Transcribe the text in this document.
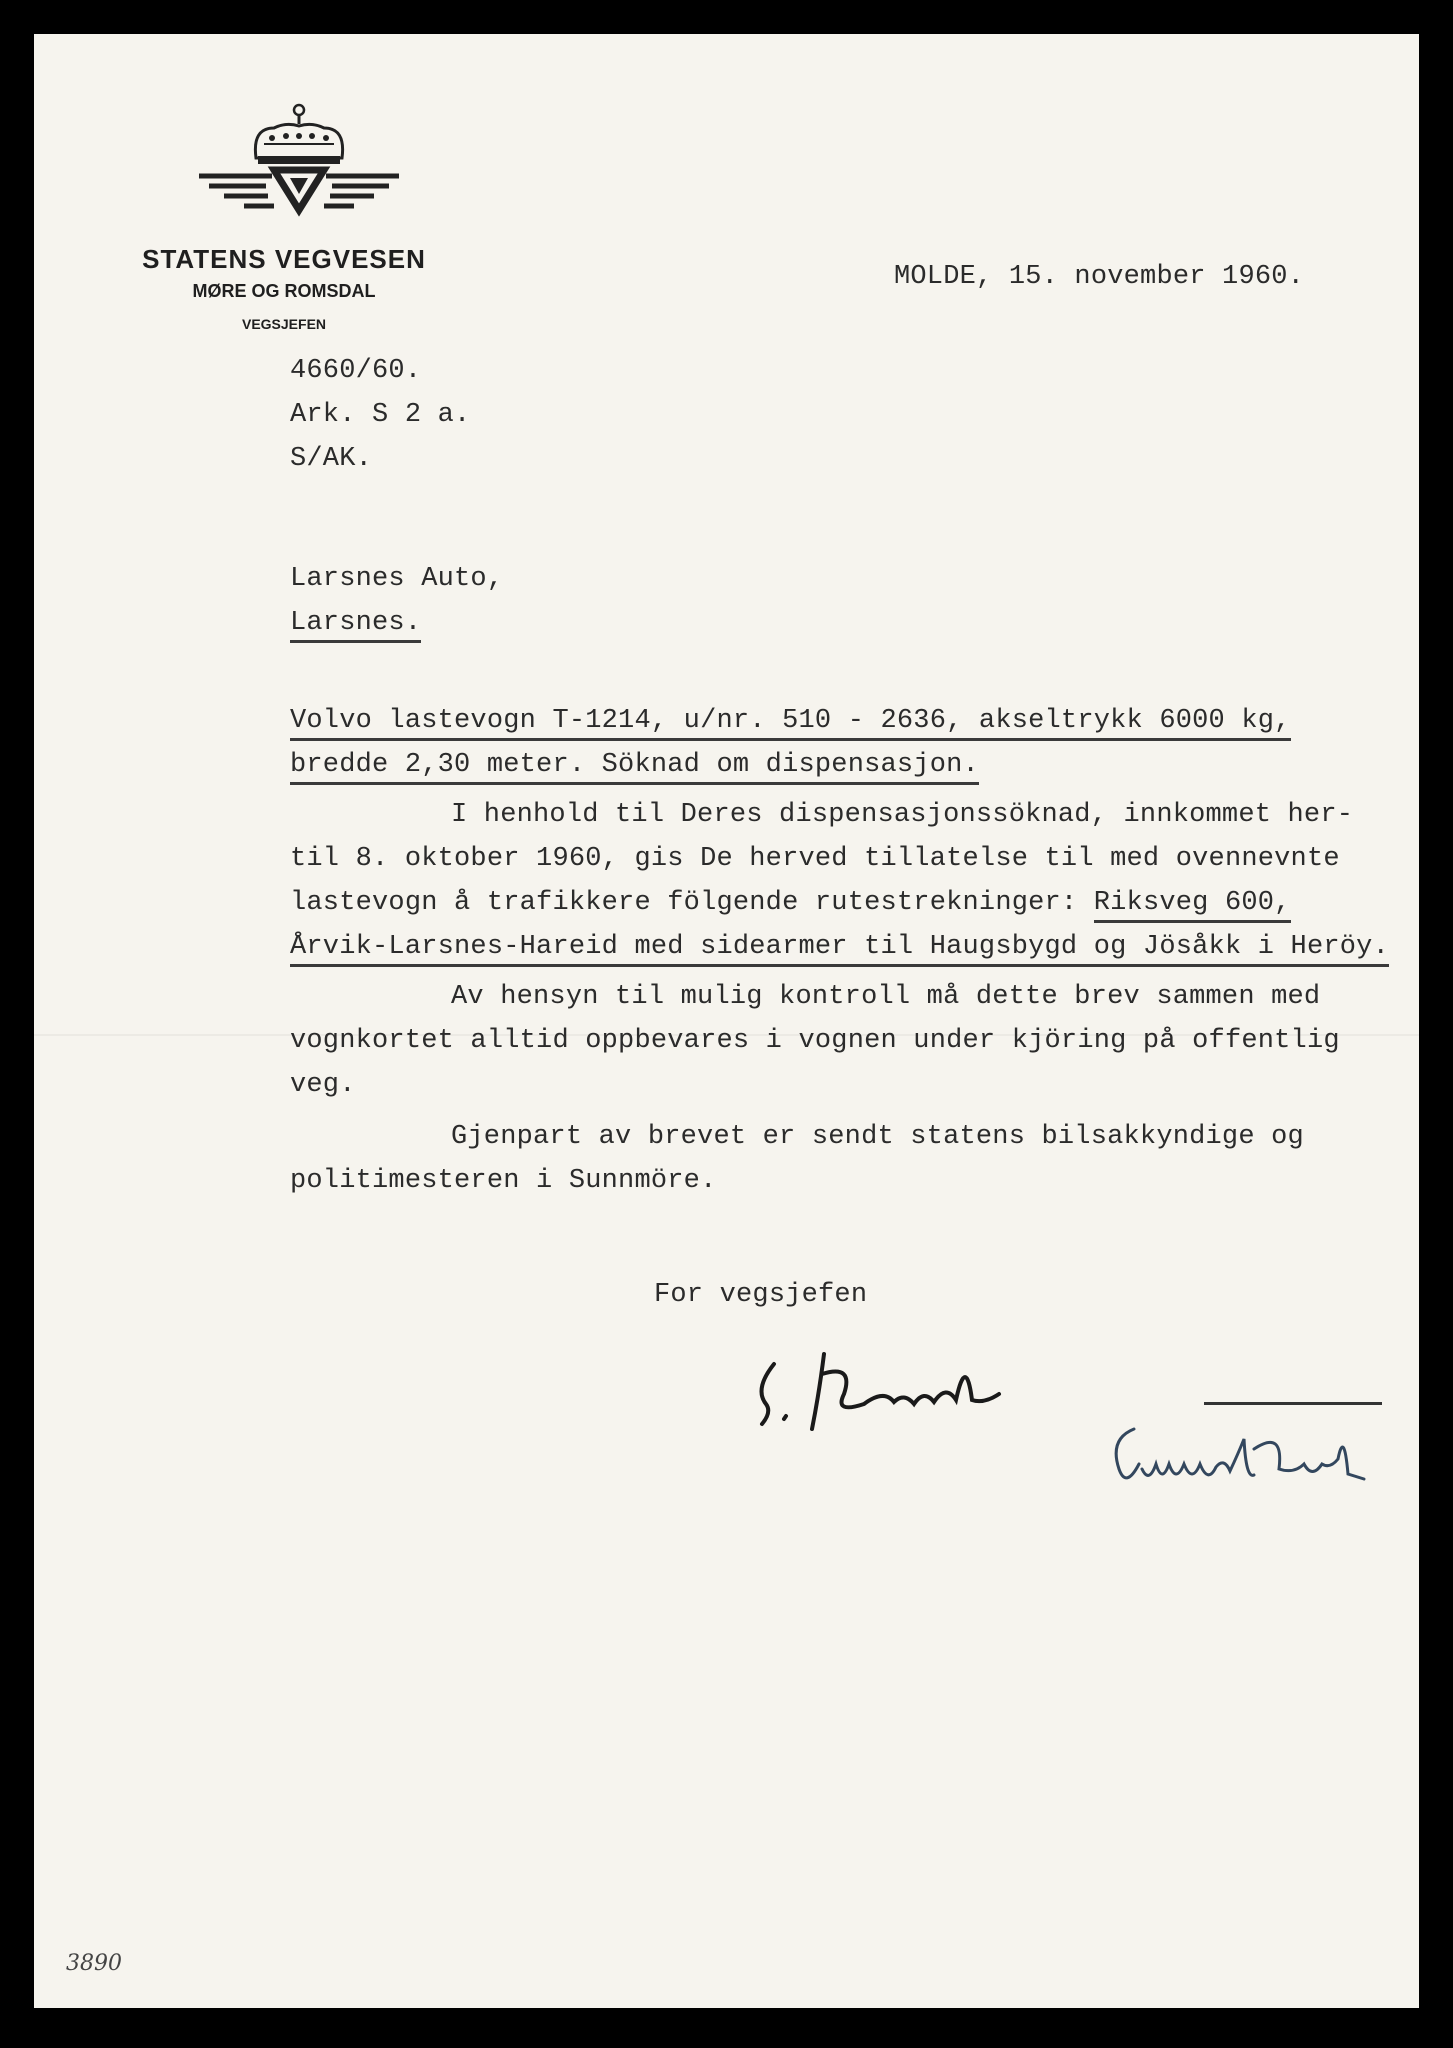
STATENS VEGVESEN
MØRE OG ROMSDAL
VEGSJEFEN
MOLDE, 15. november 1960.
4660/60.
Ark. S 2 a.
S/AK.
Larsnes Auto,
Larsnes.
Volvo lastevogn T-1214, u/nr. 510 - 2636, akseltrykk 6000 kg,
bredde 2,30 meter. Söknad om dispensasjon.
I henhold til Deres dispensasjonssöknad, innkommet her-
til 8. oktober 1960, gis De herved tillatelse til med ovennevnte
lastevogn å trafikkere fölgende rutestrekninger: Riksveg 600,
Årvik-Larsnes-Hareid med sidearmer til Haugsbygd og Jösåkk i Heröy.
Av hensyn til mulig kontroll må dette brev sammen med
vognkortet alltid oppbevares i vognen under kjöring på offentlig
veg.
Gjenpart av brevet er sendt statens bilsakkyndige og
politimesteren i Sunnmöre.
For vegsjefen
3890
